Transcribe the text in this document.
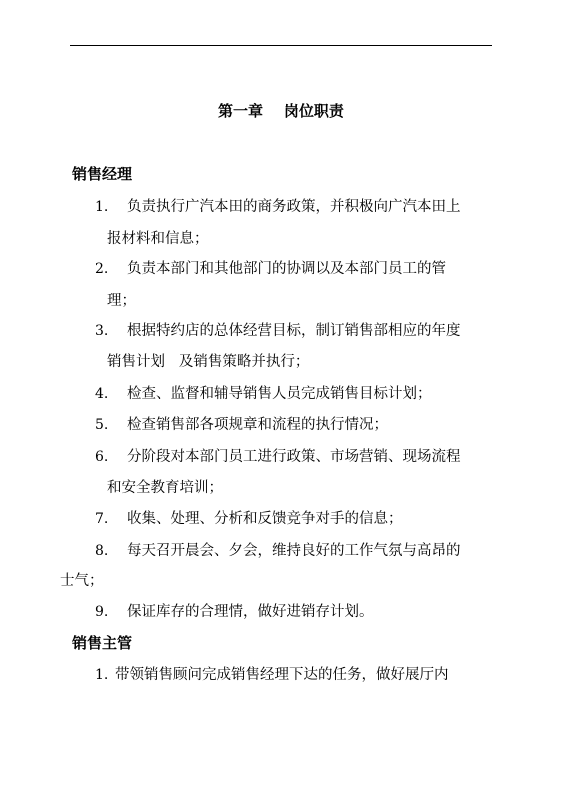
第一章    岗位职责
销售经理
1. 负责执行广汽本田的商务政策，并积极向广汽本田上
报材料和信息；
2. 负责本部门和其他部门的协调以及本部门员工的管
理；
3. 根据特约店的总体经营目标，制订销售部相应的年度
销售计划   及销售策略并执行；
4. 检查、监督和辅导销售人员完成销售目标计划；
5. 检查销售部各项规章和流程的执行情况；
6. 分阶段对本部门员工进行政策、市场营销、现场流程
和安全教育培训；
7. 收集、处理、分析和反馈竞争对手的信息；
8. 每天召开晨会、夕会，维持良好的工作气氛与高昂的
士气；
9. 保证库存的合理情，做好进销存计划。
销售主管
1. 带领销售顾问完成销售经理下达的任务，做好展厅内
